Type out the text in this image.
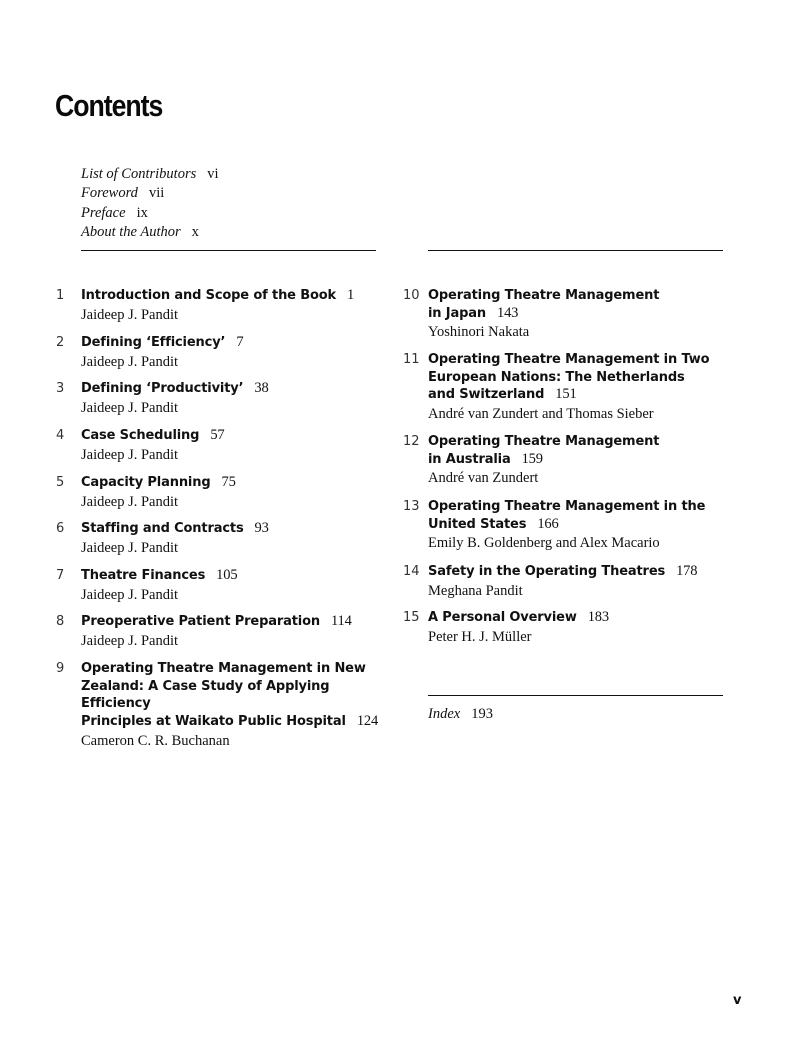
Contents
List of Contributors vi
Foreword vii
Preface ix
About the Author x
1 Introduction and Scope of the Book 1
Jaideep J. Pandit
2 Defining ‘Efficiency’ 7
Jaideep J. Pandit
3 Defining ‘Productivity’ 38
Jaideep J. Pandit
4 Case Scheduling 57
Jaideep J. Pandit
5 Capacity Planning 75
Jaideep J. Pandit
6 Staffing and Contracts 93
Jaideep J. Pandit
7 Theatre Finances 105
Jaideep J. Pandit
8 Preoperative Patient Preparation 114
Jaideep J. Pandit
9 Operating Theatre Management in New
Zealand: A Case Study of Applying Efficiency
Principles at Waikato Public Hospital 124
Cameron C. R. Buchanan
10 Operating Theatre Management
in Japan 143
Yoshinori Nakata
11 Operating Theatre Management in Two
European Nations: The Netherlands
and Switzerland 151
André van Zundert and Thomas Sieber
12 Operating Theatre Management
in Australia 159
André van Zundert
13 Operating Theatre Management in the
United States 166
Emily B. Goldenberg and Alex Macario
14 Safety in the Operating Theatres 178
Meghana Pandit
15 A Personal Overview 183
Peter H. J. Müller
Index 193
v
